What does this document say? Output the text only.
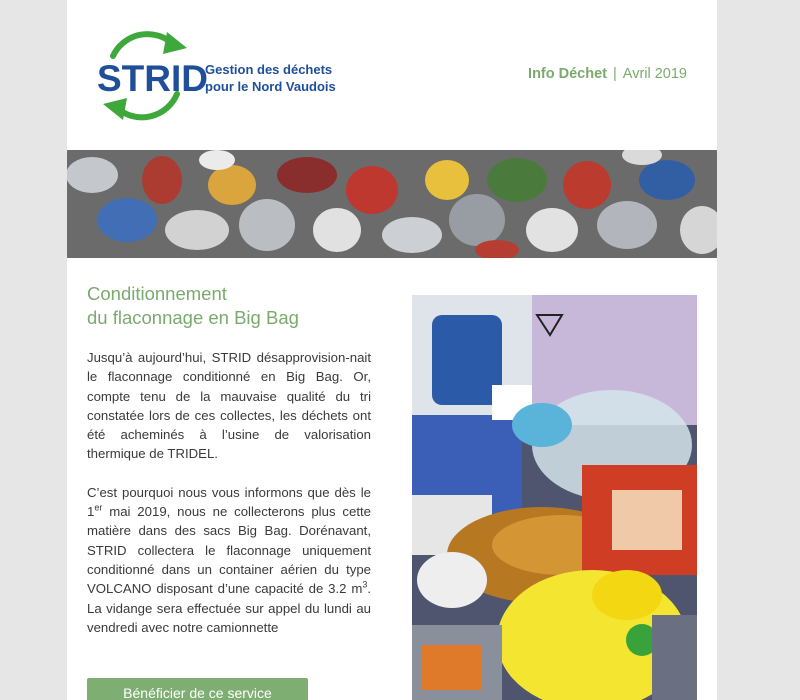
STRID
Gestion des déchets
pour le Nord Vaudois
Info Déchet | Avril 2019
Conditionnement
du flaconnage en Big Bag

Jusqu’à aujourd’hui, STRID désapprovision-nait le flaconnage conditionné en Big Bag. Or, compte tenu de la mauvaise qualité du tri constatée lors de ces collectes, les déchets ont été acheminés à l’usine de valorisation thermique de TRIDEL.

C’est pourquoi nous vous informons que dès le 1er mai 2019, nous ne collecterons plus cette matière dans des sacs Big Bag. Dorénavant, STRID collectera le flaconnage uniquement conditionné dans un container aérien du type VOLCANO disposant d’une capacité de 3.2 $m^3$. La vidange sera effectuée sur appel du lundi au vendredi avec notre camionnette

Bénéficier de ce service
